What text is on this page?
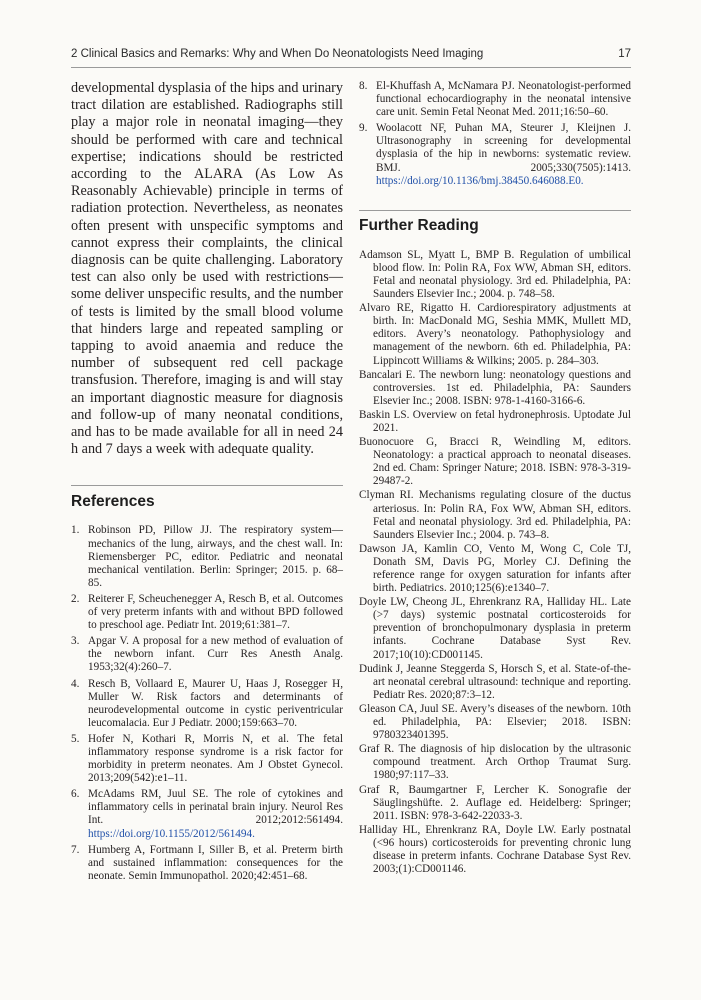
2 Clinical Basics and Remarks: Why and When Do Neonatologists Need Imaging	17

developmental dysplasia of the hips and urinary tract dilation are established. Radiographs still play a major role in neonatal imaging—they should be performed with care and technical expertise; indications should be restricted according to the ALARA (As Low As Reasonably Achievable) principle in terms of radiation protection. Nevertheless, as neonates often present with unspecific symptoms and cannot express their complaints, the clinical diagnosis can be quite challenging. Laboratory test can also only be used with restrictions—some deliver unspecific results, and the number of tests is limited by the small blood volume that hinders large and repeated sampling or tapping to avoid anaemia and reduce the number of subsequent red cell package transfusion. Therefore, imaging is and will stay an important diagnostic measure for diagnosis and follow-up of many neonatal conditions, and has to be made available for all in need 24 h and 7 days a week with adequate quality.

References
1. Robinson PD, Pillow JJ. The respiratory system—mechanics of the lung, airways, and the chest wall. In: Riemensberger PC, editor. Pediatric and neonatal mechanical ventilation. Berlin: Springer; 2015. p. 68–85.
2. Reiterer F, Scheuchenegger A, Resch B, et al. Outcomes of very preterm infants with and without BPD followed to preschool age. Pediatr Int. 2019;61:381–7.
3. Apgar V. A proposal for a new method of evaluation of the newborn infant. Curr Res Anesth Analg. 1953;32(4):260–7.
4. Resch B, Vollaard E, Maurer U, Haas J, Rosegger H, Muller W. Risk factors and determinants of neurodevelopmental outcome in cystic periventricular leucomalacia. Eur J Pediatr. 2000;159:663–70.
5. Hofer N, Kothari R, Morris N, et al. The fetal inflammatory response syndrome is a risk factor for morbidity in preterm neonates. Am J Obstet Gynecol. 2013;209(542):e1–11.
6. McAdams RM, Juul SE. The role of cytokines and inflammatory cells in perinatal brain injury. Neurol Res Int. 2012;2012:561494. https://doi.org/10.1155/2012/561494.
7. Humberg A, Fortmann I, Siller B, et al. Preterm birth and sustained inflammation: consequences for the neonate. Semin Immunopathol. 2020;42:451–68.
8. El-Khuffash A, McNamara PJ. Neonatologist-performed functional echocardiography in the neonatal intensive care unit. Semin Fetal Neonat Med. 2011;16:50–60.
9. Woolacott NF, Puhan MA, Steurer J, Kleijnen J. Ultrasonography in screening for developmental dysplasia of the hip in newborns: systematic review. BMJ. 2005;330(7505):1413. https://doi.org/10.1136/bmj.38450.646088.E0.
Further Reading
Adamson SL, Myatt L, BMP B. Regulation of umbilical blood flow. In: Polin RA, Fox WW, Abman SH, editors. Fetal and neonatal physiology. 3rd ed. Philadelphia, PA: Saunders Elsevier Inc.; 2004. p. 748–58.
Alvaro RE, Rigatto H. Cardiorespiratory adjustments at birth. In: MacDonald MG, Seshia MMK, Mullett MD, editors. Avery’s neonatology. Pathophysiology and management of the newborn. 6th ed. Philadelphia, PA: Lippincott Williams & Wilkins; 2005. p. 284–303.
Bancalari E. The newborn lung: neonatology questions and controversies. 1st ed. Philadelphia, PA: Saunders Elsevier Inc.; 2008. ISBN: 978-1-4160-3166-6.
Baskin LS. Overview on fetal hydronephrosis. Uptodate Jul 2021.
Buonocuore G, Bracci R, Weindling M, editors. Neonatology: a practical approach to neonatal diseases. 2nd ed. Cham: Springer Nature; 2018. ISBN: 978-3-319-29487-2.
Clyman RI. Mechanisms regulating closure of the ductus arteriosus. In: Polin RA, Fox WW, Abman SH, editors. Fetal and neonatal physiology. 3rd ed. Philadelphia, PA: Saunders Elsevier Inc.; 2004. p. 743–8.
Dawson JA, Kamlin CO, Vento M, Wong C, Cole TJ, Donath SM, Davis PG, Morley CJ. Defining the reference range for oxygen saturation for infants after birth. Pediatrics. 2010;125(6):e1340–7.
Doyle LW, Cheong JL, Ehrenkranz RA, Halliday HL. Late (>7 days) systemic postnatal corticosteroids for prevention of bronchopulmonary dysplasia in preterm infants. Cochrane Database Syst Rev. 2017;10(10):CD001145.
Dudink J, Jeanne Steggerda S, Horsch S, et al. State-of-the-art neonatal cerebral ultrasound: technique and reporting. Pediatr Res. 2020;87:3–12.
Gleason CA, Juul SE. Avery’s diseases of the newborn. 10th ed. Philadelphia, PA: Elsevier; 2018. ISBN: 9780323401395.
Graf R. The diagnosis of hip dislocation by the ultrasonic compound treatment. Arch Orthop Traumat Surg. 1980;97:117–33.
Graf R, Baumgartner F, Lercher K. Sonografie der Säuglingshüfte. 2. Auflage ed. Heidelberg: Springer; 2011. ISBN: 978-3-642-22033-3.
Halliday HL, Ehrenkranz RA, Doyle LW. Early postnatal (<96 hours) corticosteroids for preventing chronic lung disease in preterm infants. Cochrane Database Syst Rev. 2003;(1):CD001146.
